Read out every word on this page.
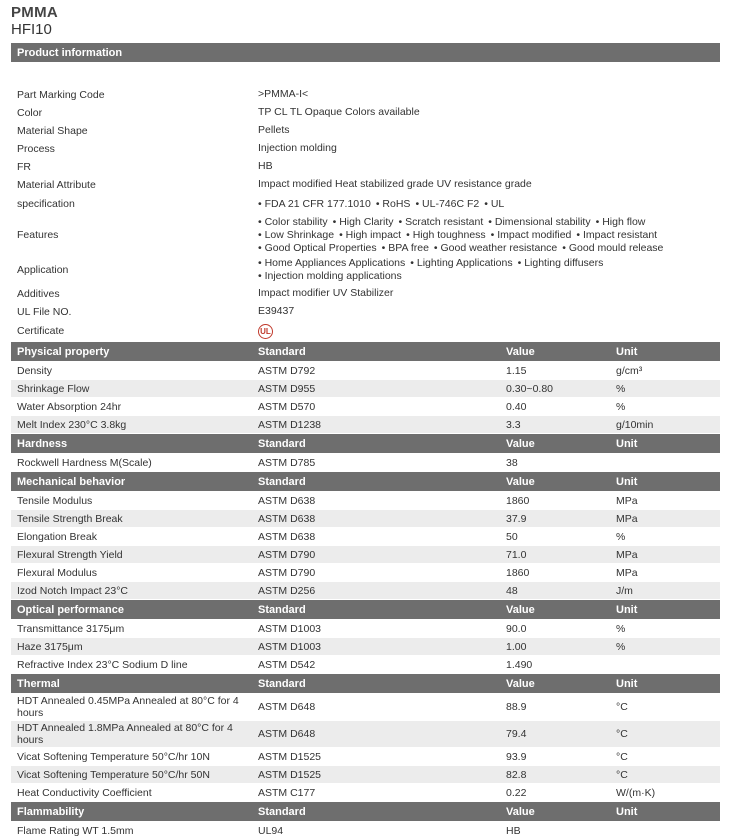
PMMA
HFI10
Product information
Part Marking Code	>PMMA-I<
Color	TP CL TL Opaque Colors available
Material Shape	Pellets
Process	Injection molding
FR	HB
Material Attribute	Impact modified Heat stabilized grade UV resistance grade
specification	• FDA 21 CFR 177.1010 • RoHS • UL-746C F2 • UL
Features
• Color stability • High Clarity • Scratch resistant • Dimensional stability • High flow
• Low Shrinkage • High impact • High toughness • Impact modified • Impact resistant
• Good Optical Properties • BPA free • Good weather resistance • Good mould release
Application
• Home Appliances Applications • Lighting Applications • Lighting diffusers
• Injection molding applications
Additives	Impact modifier UV Stabilizer
UL File NO.	E39437
Certificate	UL
Physical property	Standard	Value	Unit
Density	ASTM D792	1.15	g/cm³
Shrinkage Flow	ASTM D955	0.30~0.80	%
Water Absorption 24hr	ASTM D570	0.40	%
Melt Index 230°C 3.8kg	ASTM D1238	3.3	g/10min
Hardness	Standard	Value	Unit
Rockwell Hardness M(Scale)	ASTM D785	38
Mechanical behavior	Standard	Value	Unit
Tensile Modulus	ASTM D638	1860	MPa
Tensile Strength Break	ASTM D638	37.9	MPa
Elongation Break	ASTM D638	50	%
Flexural Strength Yield	ASTM D790	71.0	MPa
Flexural Modulus	ASTM D790	1860	MPa
Izod Notch Impact 23°C	ASTM D256	48	J/m
Optical performance	Standard	Value	Unit
Transmittance 3175μm	ASTM D1003	90.0	%
Haze 3175μm	ASTM D1003	1.00	%
Refractive Index 23°C Sodium D line	ASTM D542	1.490
Thermal	Standard	Value	Unit
HDT Annealed 0.45MPa Annealed at 80°C for 4 hours	ASTM D648	88.9	°C
HDT Annealed 1.8MPa Annealed at 80°C for 4 hours	ASTM D648	79.4	°C
Vicat Softening Temperature 50°C/hr 10N	ASTM D1525	93.9	°C
Vicat Softening Temperature 50°C/hr 50N	ASTM D1525	82.8	°C
Heat Conductivity Coefficient	ASTM C177	0.22	W/(m·K)
Flammability	Standard	Value	Unit
Flame Rating WT 1.5mm	UL94	HB
